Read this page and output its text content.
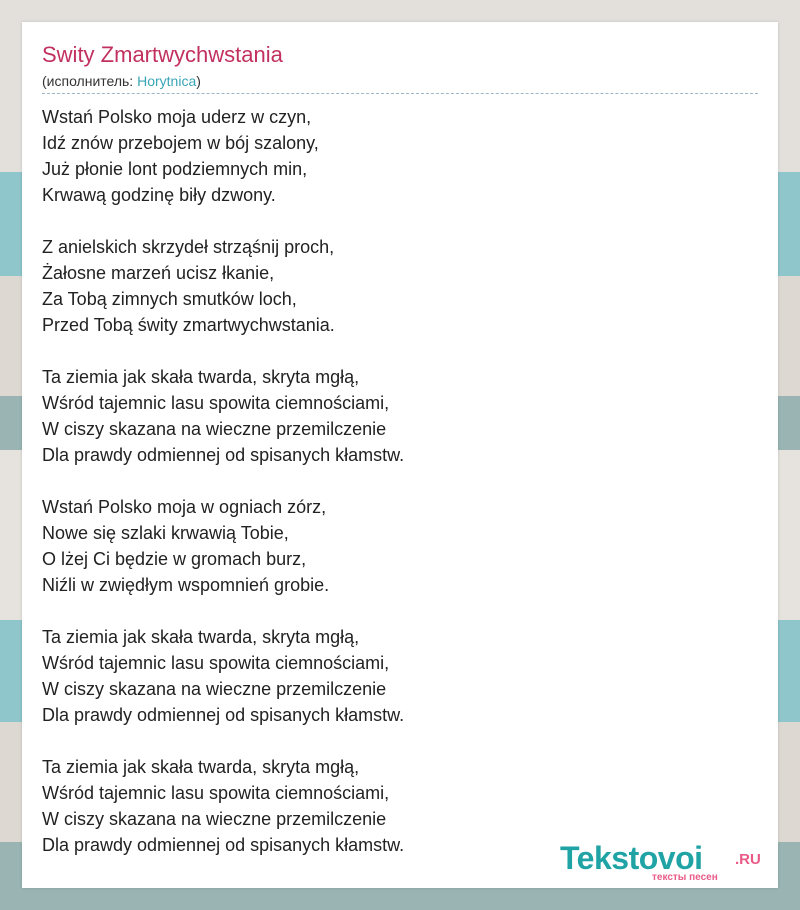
Swity Zmartwychwstania
(исполнитель: Horytnica)
Wstań Polsko moja uderz w czyn,
Idź znów przebojem w bój szalony,
Już płonie lont podziemnych min,
Krwawą godzinę biły dzwony.
Z anielskich skrzydeł strząśnij proch,
Żałosne marzeń ucisz łkanie,
Za Tobą zimnych smutków loch,
Przed Tobą świty zmartwychwstania.
Ta ziemia jak skała twarda, skryta mgłą,
Wśród tajemnic lasu spowita ciemnościami,
W ciszy skazana na wieczne przemilczenie
Dla prawdy odmiennej od spisanych kłamstw.
Wstań Polsko moja w ogniach zórz,
Nowe się szlaki krwawią Tobie,
O lżej Ci będzie w gromach burz,
Niźli w zwiędłym wspomnień grobie.
Ta ziemia jak skała twarda, skryta mgłą,
Wśród tajemnic lasu spowita ciemnościami,
W ciszy skazana na wieczne przemilczenie
Dla prawdy odmiennej od spisanych kłamstw.
Ta ziemia jak skała twarda, skryta mgłą,
Wśród tajemnic lasu spowita ciemnościami,
W ciszy skazana na wieczne przemilczenie
Dla prawdy odmiennej od spisanych kłamstw.	Tekstovoi .RU
тексты песен
